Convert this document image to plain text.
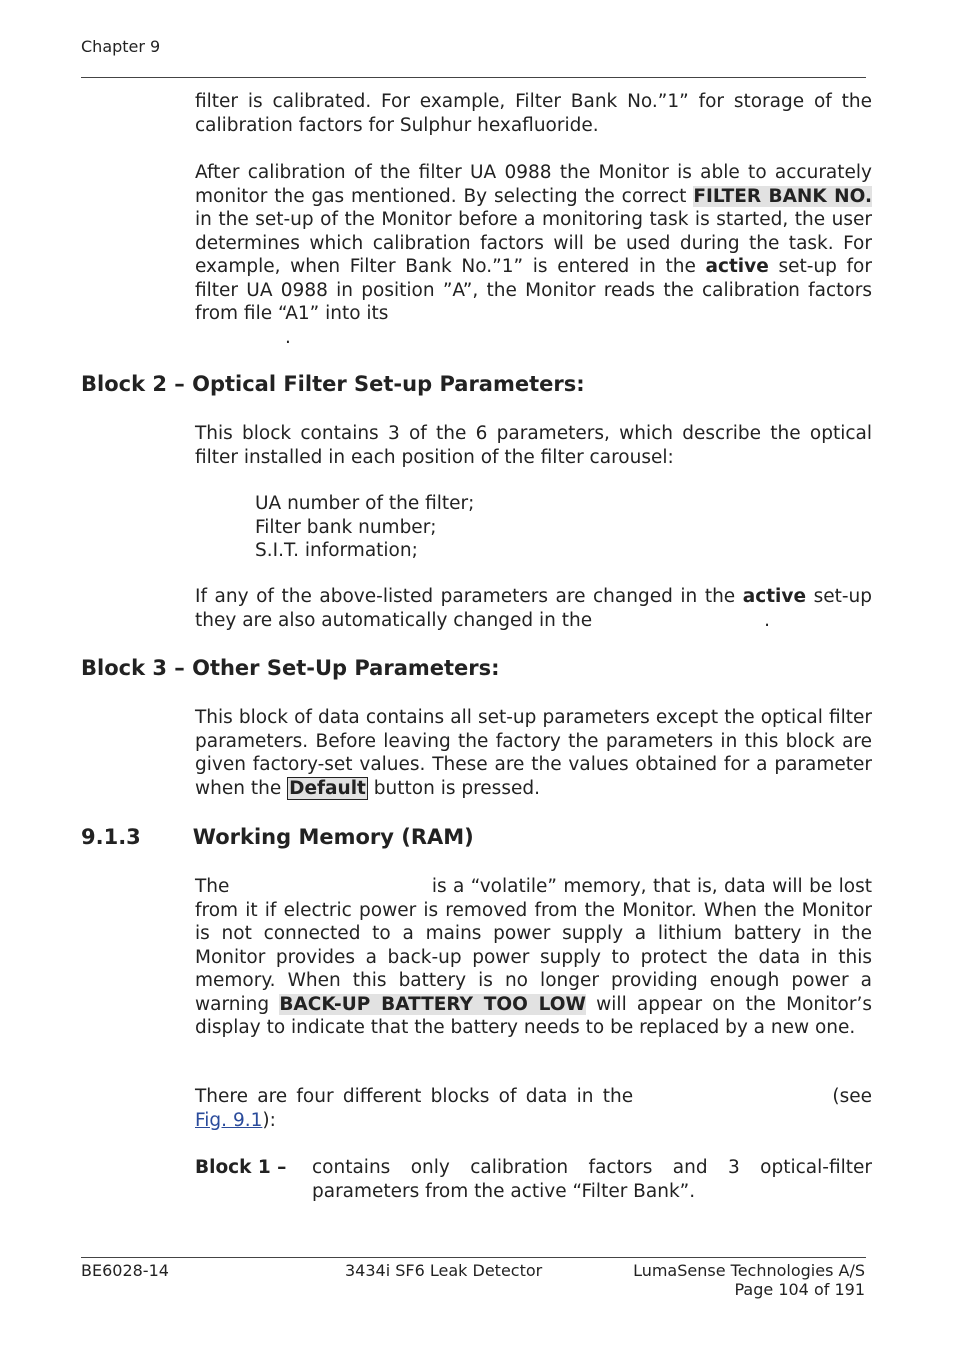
Chapter 9

filter is calibrated. For example, Filter Bank No.”1” for storage of the calibration factors for Sulphur hexafluoride.

After calibration of the filter UA 0988 the Monitor is able to accurately monitor the gas mentioned. By selecting the correct FILTER BANK NO. in the set-up of the Monitor before a monitoring task is started, the user determines which calibration factors will be used during the task. For example, when Filter Bank No.”1” is entered in the active set-up for filter UA 0988 in position ”A”, the Monitor reads the calibration factors from file “A1” into its
.

Block 2 – Optical Filter Set-up Parameters:

This block contains 3 of the 6 parameters, which describe the optical filter installed in each position of the filter carousel:

UA number of the filter;
Filter bank number;
S.I.T. information;

If any of the above-listed parameters are changed in the active set-up they are also automatically changed in the	.

Block 3 – Other Set-Up Parameters:

This block of data contains all set-up parameters except the optical filter parameters. Before leaving the factory the parameters in this block are given factory-set values. These are the values obtained for a parameter when the Default button is pressed.

9.1.3 Working Memory (RAM)

The	is a “volatile” memory, that is, data will be lost from it if electric power is removed from the Monitor. When the Monitor is not connected to a mains power supply a lithium battery in the Monitor provides a back-up power supply to protect the data in this memory. When this battery is no longer providing enough power a warning BACK-UP BATTERY TOO LOW will appear on the Monitor’s display to indicate that the battery needs to be replaced by a new one.

There are four different blocks of data in the	(see Fig. 9.1):

Block 1 – contains only calibration factors and 3 optical-filter parameters from the active “Filter Bank”.
BE6028-14	3434i SF6 Leak Detector	LumaSense Technologies A/S
Page 104 of 191
